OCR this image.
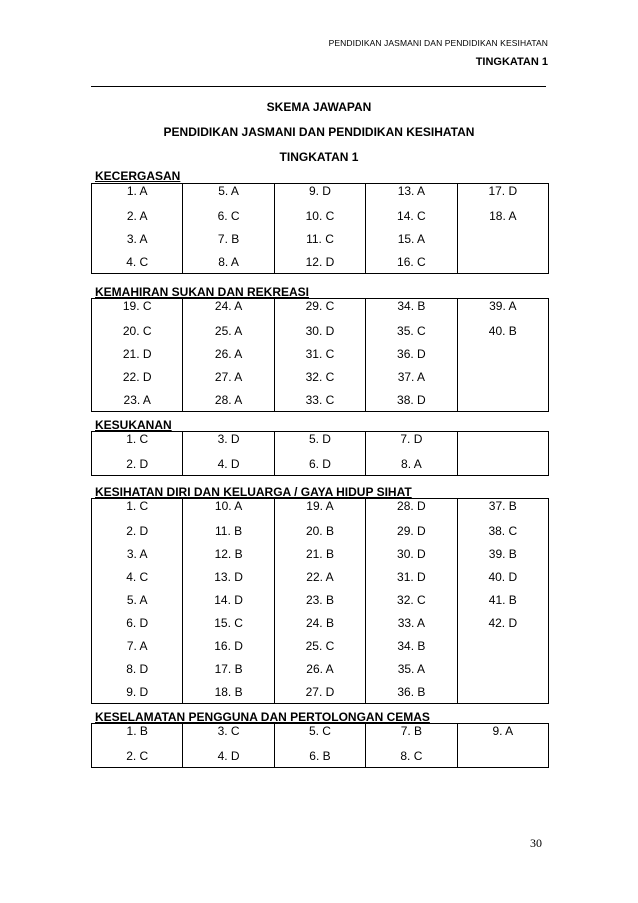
PENDIDIKAN JASMANI DAN PENDIDIKAN KESIHATAN
TINGKATAN 1
SKEMA JAWAPAN
PENDIDIKAN JASMANI DAN PENDIDIKAN KESIHATAN
TINGKATAN 1
KECERGASAN
1. A	5. A	9. D	13. A	17. D
2. A	6. C	10. C	14. C	18. A
3. A	7. B	11. C	15. A	
4. C	8. A	12. D	16. C	
KEMAHIRAN SUKAN DAN REKREASI
19. C	24. A	29. C	34. B	39. A
20. C	25. A	30. D	35. C	40. B
21. D	26. A	31. C	36. D	
22. D	27. A	32. C	37. A	
23. A	28. A	33. C	38. D	
KESUKANAN
1. C	3. D	5. D	7. D	
2. D	4. D	6. D	8. A	
KESIHATAN DIRI DAN KELUARGA / GAYA HIDUP SIHAT
1. C	10. A	19. A	28. D	37. B
2. D	11. B	20. B	29. D	38. C
3. A	12. B	21. B	30. D	39. B
4. C	13. D	22. A	31. D	40. D
5. A	14. D	23. B	32. C	41. B
6. D	15. C	24. B	33. A	42. D
7. A	16. D	25. C	34. B	
8. D	17. B	26. A	35. A	
9. D	18. B	27. D	36. B	
KESELAMATAN PENGGUNA DAN PERTOLONGAN CEMAS
1. B	3. C	5. C	7. B	9. A
2. C	4. D	6. B	8. C	
30
